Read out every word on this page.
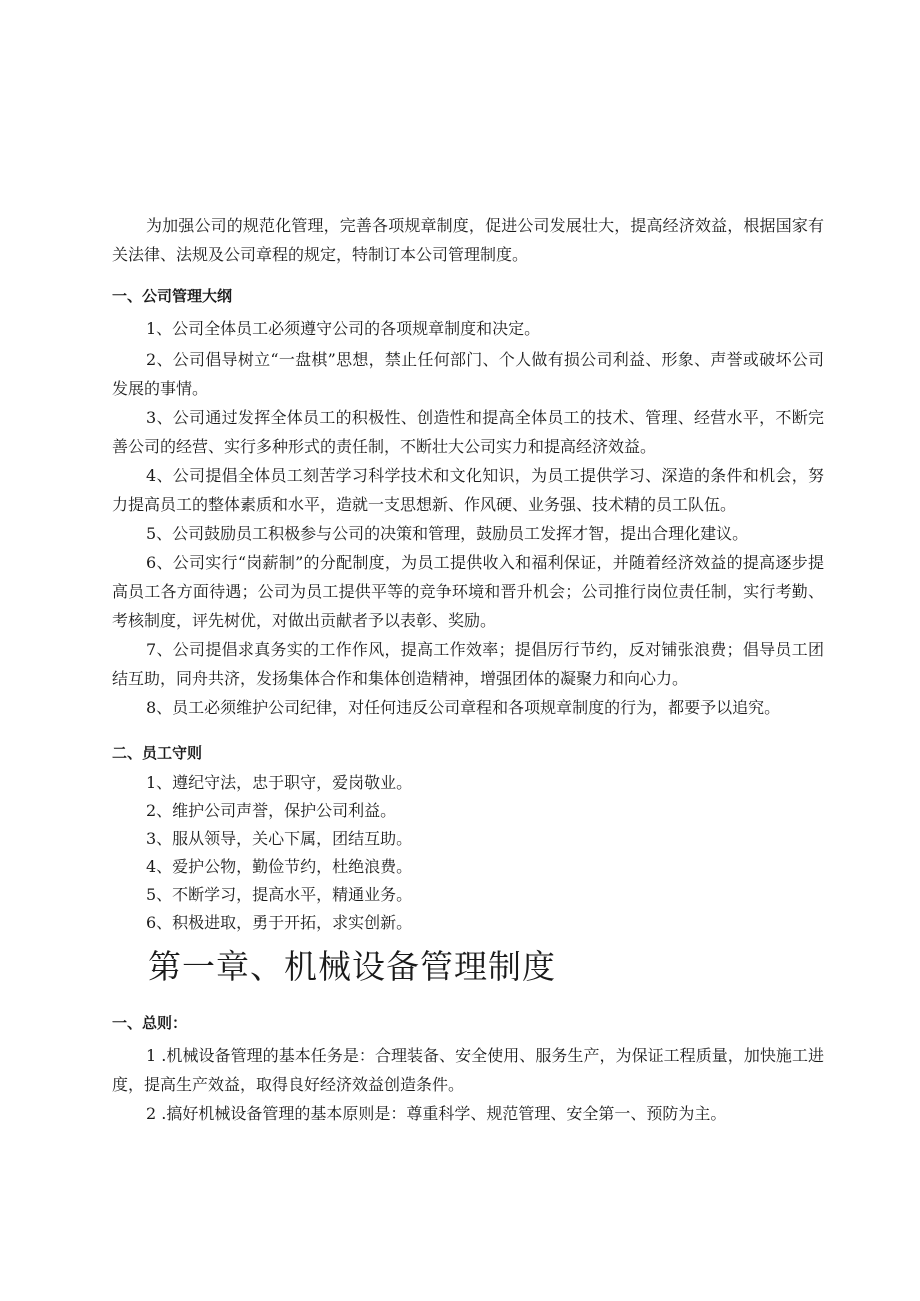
为加强公司的规范化管理，完善各项规章制度，促进公司发展壮大，提高经济效益，根据国家有关法律、法规及公司章程的规定，特制订本公司管理制度。

一、公司管理大纲

1、公司全体员工必须遵守公司的各项规章制度和决定。

2、公司倡导树立“一盘棋”思想，禁止任何部门、个人做有损公司利益、形象、声誉或破坏公司发展的事情。

3、公司通过发挥全体员工的积极性、创造性和提高全体员工的技术、管理、经营水平，不断完善公司的经营、实行多种形式的责任制，不断壮大公司实力和提高经济效益。

4、公司提倡全体员工刻苦学习科学技术和文化知识，为员工提供学习、深造的条件和机会，努力提高员工的整体素质和水平，造就一支思想新、作风硬、业务强、技术精的员工队伍。

5、公司鼓励员工积极参与公司的决策和管理，鼓励员工发挥才智，提出合理化建议。

6、公司实行“岗薪制”的分配制度，为员工提供收入和福利保证，并随着经济效益的提高逐步提高员工各方面待遇；公司为员工提供平等的竞争环境和晋升机会；公司推行岗位责任制，实行考勤、考核制度，评先树优，对做出贡献者予以表彰、奖励。

7、公司提倡求真务实的工作作风，提高工作效率；提倡厉行节约，反对铺张浪费；倡导员工团结互助，同舟共济，发扬集体合作和集体创造精神，增强团体的凝聚力和向心力。

8、员工必须维护公司纪律，对任何违反公司章程和各项规章制度的行为，都要予以追究。

二、员工守则

1、遵纪守法，忠于职守，爱岗敬业。

2、维护公司声誉，保护公司利益。

3、服从领导，关心下属，团结互助。

4、爱护公物，勤俭节约，杜绝浪费。

5、不断学习，提高水平，精通业务。

6、积极进取，勇于开拓，求实创新。

第一章、机械设备管理制度
一、总则：

1 .机械设备管理的基本任务是：合理装备、安全使用、服务生产，为保证工程质量，加快施工进度，提高生产效益，取得良好经济效益创造条件。

2 .搞好机械设备管理的基本原则是：尊重科学、规范管理、安全第一、预防为主。
